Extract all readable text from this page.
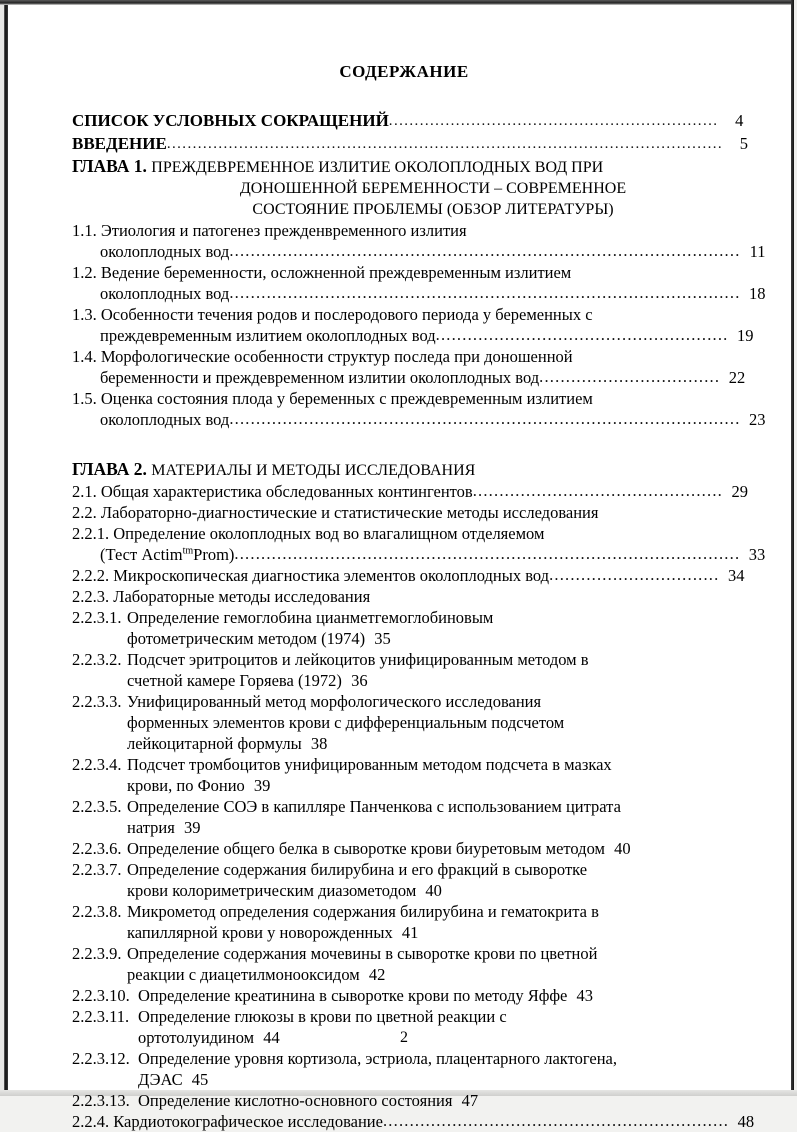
СОДЕРЖАНИЕ
СПИСОК УСЛОВНЫХ СОКРАЩЕНИЙ ................................................................	4
ВВЕДЕНИЕ ............................................................................................................	5
ГЛАВА 1. ПРЕЖДЕВРЕМЕННОЕ ИЗЛИТИЕ ОКОЛОПЛОДНЫХ ВОД ПРИ
ДОНОШЕННОЙ БЕРЕМЕННОСТИ – СОВРЕМЕННОЕ
СОСТОЯНИЕ ПРОБЛЕМЫ (ОБЗОР ЛИТЕРАТУРЫ)
1.1. Этиология и патогенез прежденвременного излития
околоплодных вод ................................................................................................ 11
1.2. Ведение беременности, осложненной преждевременным излитием
околоплодных вод ................................................................................................ 18
1.3. Особенности течения родов и послеродового периода у беременных с
преждевременным излитием околоплодных вод ....................................................... 19
1.4. Морфологические особенности структур последа при доношенной
беременности и преждевременном излитии околоплодных вод .................................. 22
1.5. Оценка состояния плода у беременных с преждевременным излитием
околоплодных вод ................................................................................................ 23
ГЛАВА 2. МАТЕРИАЛЫ И МЕТОДЫ ИССЛЕДОВАНИЯ
2.1. Общая характеристика обследованных контингентов ............................................... 29
2.2. Лабораторно-диагностические и статистические методы исследования
2.2.1. Определение околоплодных вод во влагалищном отделяемом
(Тест Actim$^{tm}$Prom) ............................................................................................... 33
2.2.2. Микроскопическая диагностика элементов околоплодных вод ................................ 34
2.2.3. Лабораторные методы исследования
2.2.3.1. Определение гемоглобина цианметгемоглобиновым
фотометрическим методом (1974) 35
2.2.3.2. Подсчет эритроцитов и лейкоцитов унифицированным методом в
счетной камере Горяева (1972) 36
2.2.3.3. Унифицированный метод морфологического исследования
форменных элементов крови с дифференциальным подсчетом
лейкоцитарной формулы 38
2.2.3.4. Подсчет тромбоцитов унифицированным методом подсчета в мазках
крови, по Фонио 39
2.2.3.5. Определение СОЭ в капилляре Панченкова с использованием цитрата
натрия 39
2.2.3.6. Определение общего белка в сыворотке крови биуретовым методом 40
2.2.3.7. Определение содержания билирубина и его фракций в сыворотке
крови колориметрическим диазометодом 40
2.2.3.8. Микрометод определения содержания билирубина и гематокрита в
капиллярной крови у новорожденных 41
2.2.3.9. Определение содержания мочевины в сыворотке крови по цветной
реакции с диацетилмонооксидом 42
2.2.3.10. Определение креатинина в сыворотке крови по методу Яффе 43
2.2.3.11. Определение глюкозы в крови по цветной реакции с
ортотолуидином 44
2.2.3.12. Определение уровня кортизола, эстриола, плацентарного лактогена,
ДЭАС 45
2.2.3.13. Определение кислотно-основного состояния 47
2.2.4. Кардиотокографическое исследование ................................................................. 48
2
